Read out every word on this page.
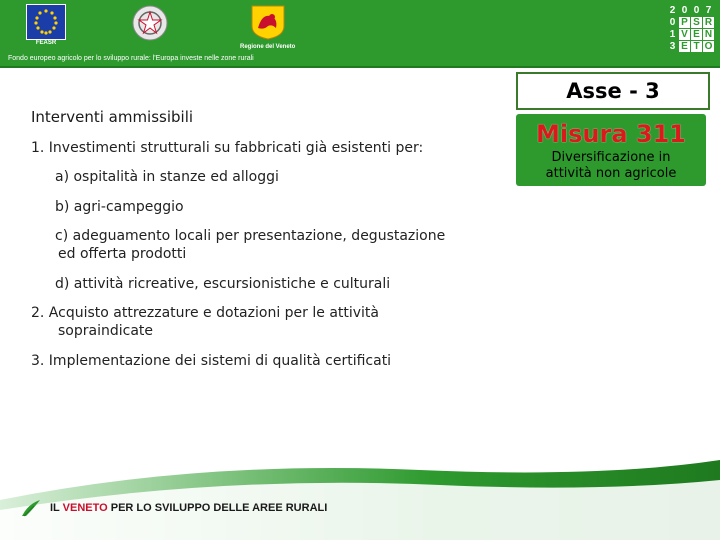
FEASR
Regione del Veneto
Fondo europeo agricolo per lo sviluppo rurale: l'Europa investe nelle zone rurali
2 0 0 7
0 P S R
1 V E N
3 E T O
Asse - 3
Misura 311
Diversificazione in
attività non agricole
Interventi ammissibili
1. Investimenti strutturali su fabbricati già esistenti per:
a) ospitalità in stanze ed alloggi
b) agri-campeggio
c) adeguamento locali per presentazione, degustazione
ed offerta prodotti
d) attività ricreative, escursionistiche e culturali
2. Acquisto attrezzature e dotazioni per le attività
sopraindicate
3. Implementazione dei sistemi di qualità certificati
IL VENETO PER LO SVILUPPO DELLE AREE RURALI
